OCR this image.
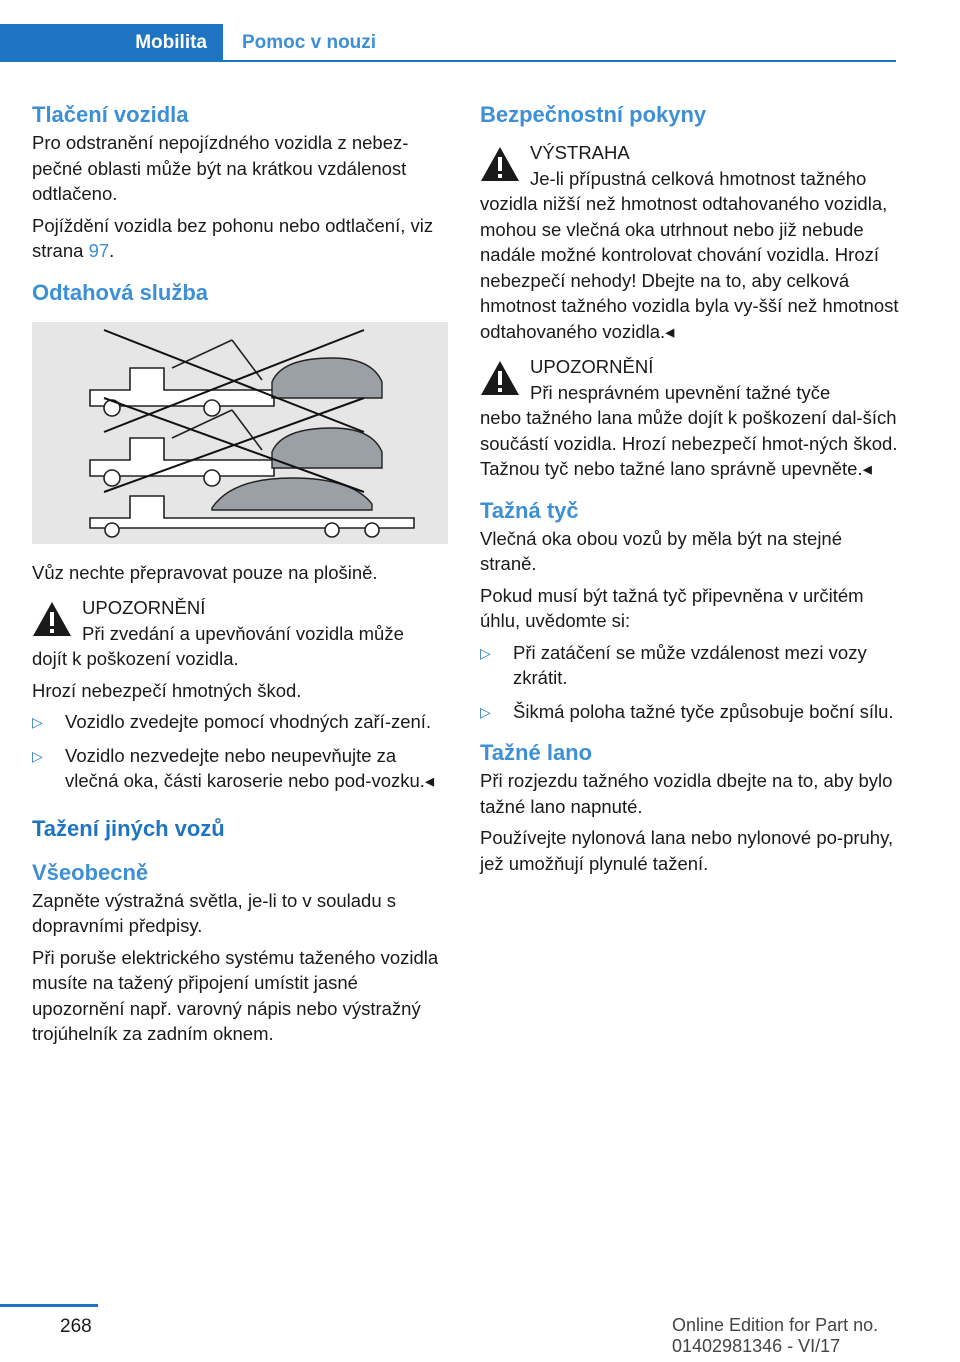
Mobilita	Pomoc v nouzi
Tlačení vozidla

Pro odstranění nepojízdného vozidla z nebez-pečné oblasti může být na krátkou vzdálenost odtlačeno.

Pojíždění vozidla bez pohonu nebo odtlačení, viz strana 97.

Odtahová služba

Vůz nechte přepravovat pouze na plošině.

UPOZORNĚNÍ
Při zvedání a upevňování vozidla může

dojít k poškození vozidla.

Hrozí nebezpečí hmotných škod.

▷ Vozidlo zvedejte pomocí vhodných zaří-zení.
▷ Vozidlo nezvedejte nebo neupevňujte za vlečná oka, části karoserie nebo pod-vozku.◂
Tažení jiných vozů
Všeobecně

Zapněte výstražná světla, je-li to v souladu s dopravními předpisy.

Při poruše elektrického systému taženého vozidla musíte na tažený připojení umístit jasné upozornění např. varovný nápis nebo výstražný trojúhelník za zadním oknem.

Bezpečnostní pokyny
VÝSTRAHA
Je-li přípustná celková hmotnost tažného

vozidla nižší než hmotnost odtahovaného vozidla, mohou se vlečná oka utrhnout nebo již nebude nadále možné kontrolovat chování vozidla. Hrozí nebezpečí nehody! Dbejte na to, aby celková hmotnost tažného vozidla byla vy-šší než hmotnost odtahovaného vozidla.◂

UPOZORNĚNÍ
Při nesprávném upevnění tažné tyče

nebo tažného lana může dojít k poškození dal-ších součástí vozidla. Hrozí nebezpečí hmot-ných škod. Tažnou tyč nebo tažné lano správně upevněte.◂

Tažná tyč

Vlečná oka obou vozů by měla být na stejné straně.

Pokud musí být tažná tyč připevněna v určitém úhlu, uvědomte si:

▷ Při zatáčení se může vzdálenost mezi vozy zkrátit.
▷ Šikmá poloha tažné tyče způsobuje boční sílu.
Tažné lano

Při rozjezdu tažného vozidla dbejte na to, aby bylo tažné lano napnuté.

Používejte nylonová lana nebo nylonové po-pruhy, jež umožňují plynulé tažení.

268	Online Edition for Part no. 01402981346 - VI/17
